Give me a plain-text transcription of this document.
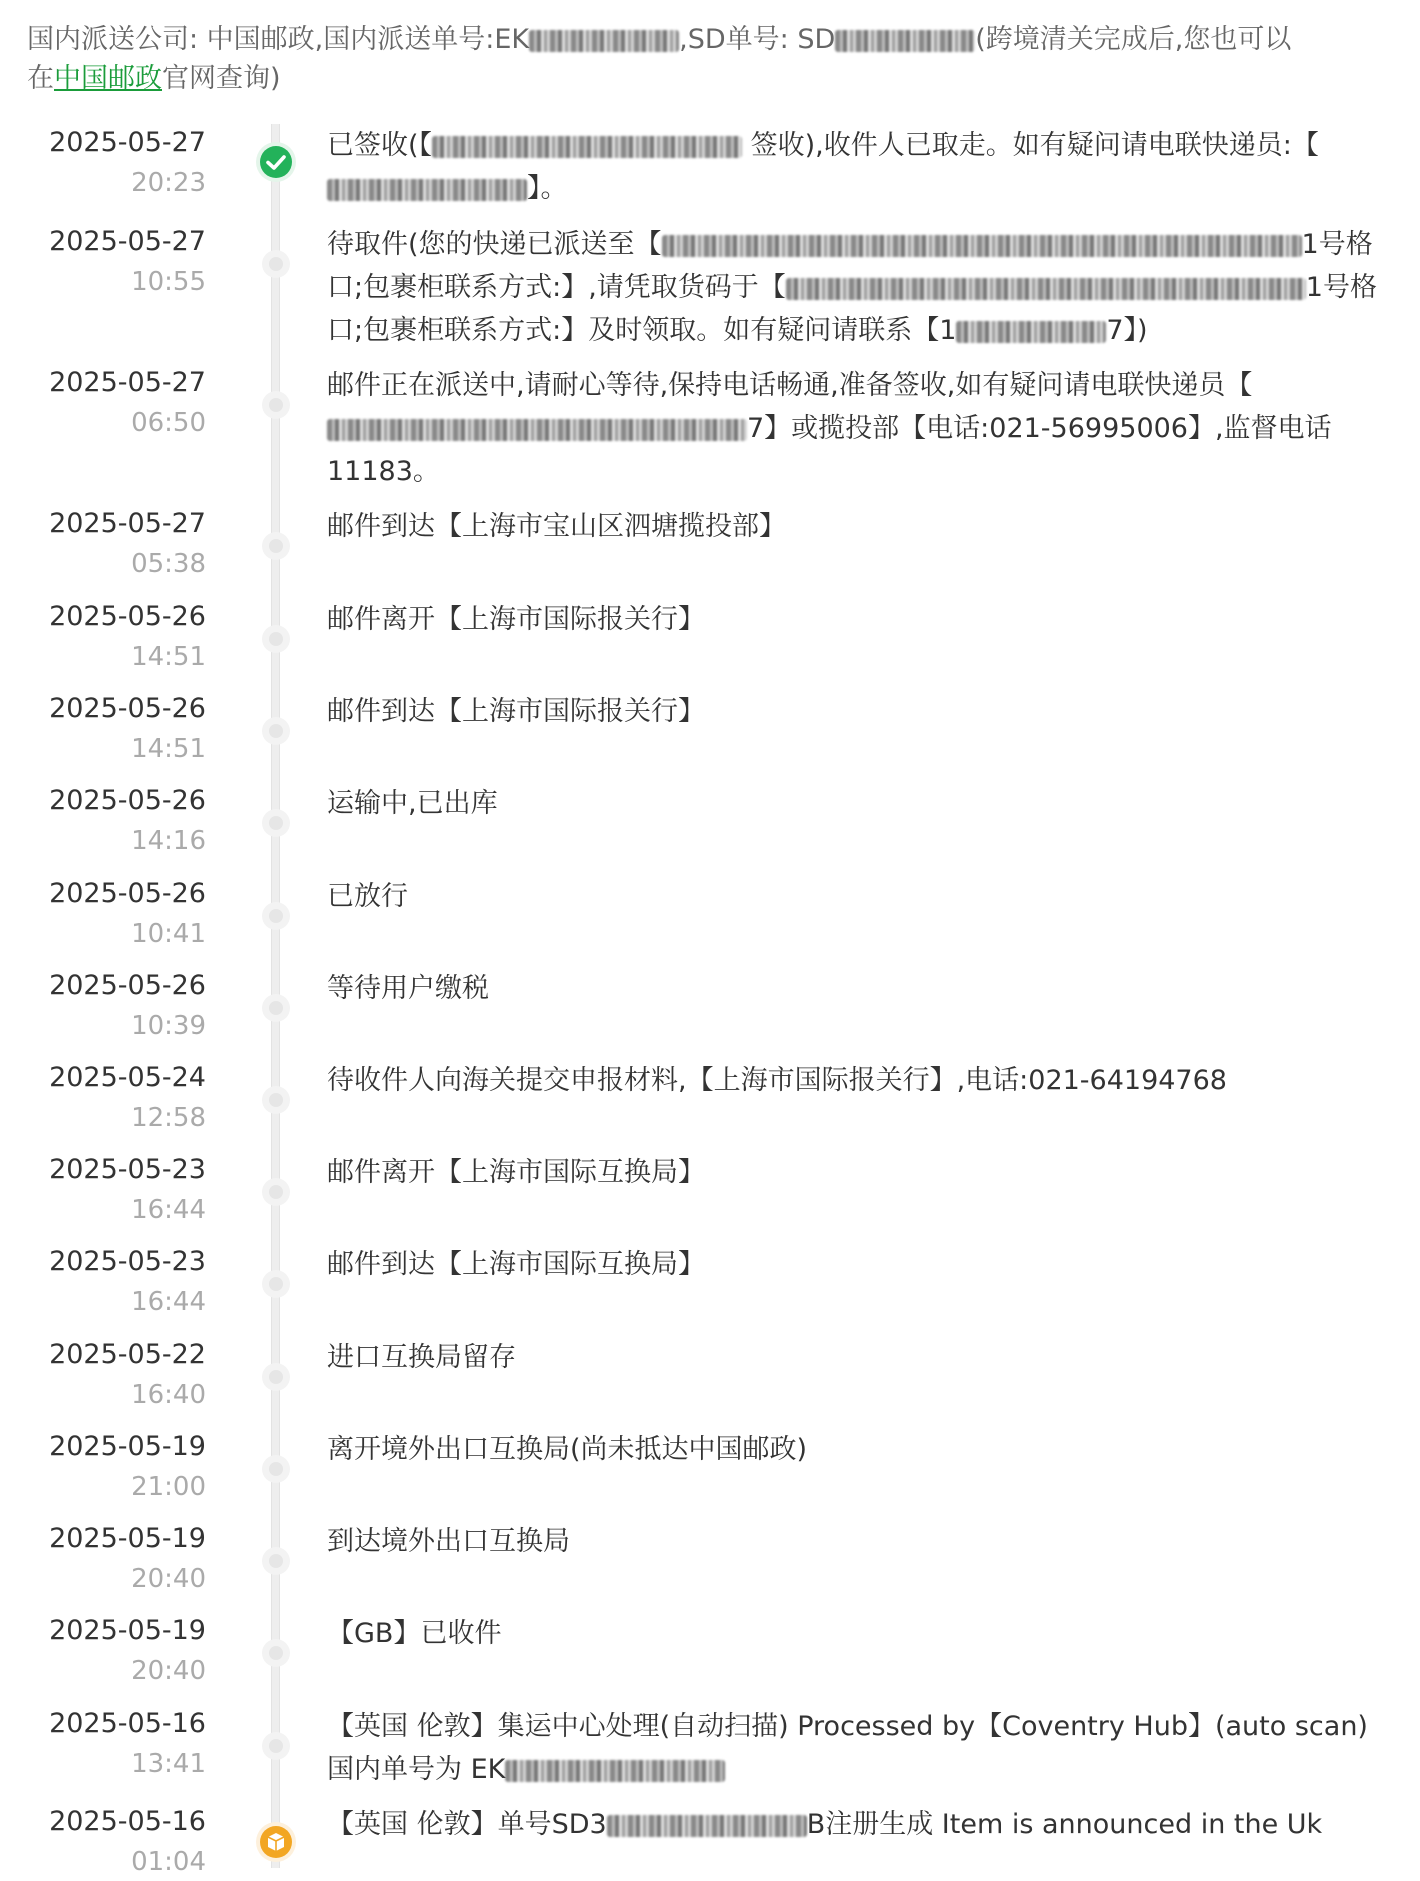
国内派送公司: 中国邮政,国内派送单号:EK	,SD单号: SD	(跨境清关完成后,您也可以
在中国邮政官网查询)
2025-05-27
20:23
已签收(【	签收),收件人已取走。如有疑问请电联快递员:【】。
2025-05-27
10:55
待取件(您的快递已派送至【	1号格口;包裹柜联系方式:】,请凭取货码于【	1号格口;包裹柜联系方式:】及时领取。如有疑问请联系【1	7】)
2025-05-27
06:50
邮件正在派送中,请耐心等待,保持电话畅通,准备签收,如有疑问请电联快递员【7】或揽投部【电话:021-56995006】,监督电话11183。
2025-05-27
05:38
邮件到达【上海市宝山区泗塘揽投部】
2025-05-26
14:51
邮件离开【上海市国际报关行】
2025-05-26
14:51
邮件到达【上海市国际报关行】
2025-05-26
14:16
运输中,已出库
2025-05-26
10:41
已放行
2025-05-26
10:39
等待用户缴税
2025-05-24
12:58
待收件人向海关提交申报材料,【上海市国际报关行】,电话:021-64194768
2025-05-23
16:44
邮件离开【上海市国际互换局】
2025-05-23
16:44
邮件到达【上海市国际互换局】
2025-05-22
16:40
进口互换局留存
2025-05-19
21:00
离开境外出口互换局(尚未抵达中国邮政)
2025-05-19
20:40
到达境外出口互换局
2025-05-19
20:40
【GB】已收件
2025-05-16
13:41
【英国 伦敦】集运中心处理(自动扫描) Processed by【Coventry Hub】(auto scan) 国内单号为 EK
2025-05-16
01:04
【英国 伦敦】单号SD3	B注册生成 Item is announced in the Uk
